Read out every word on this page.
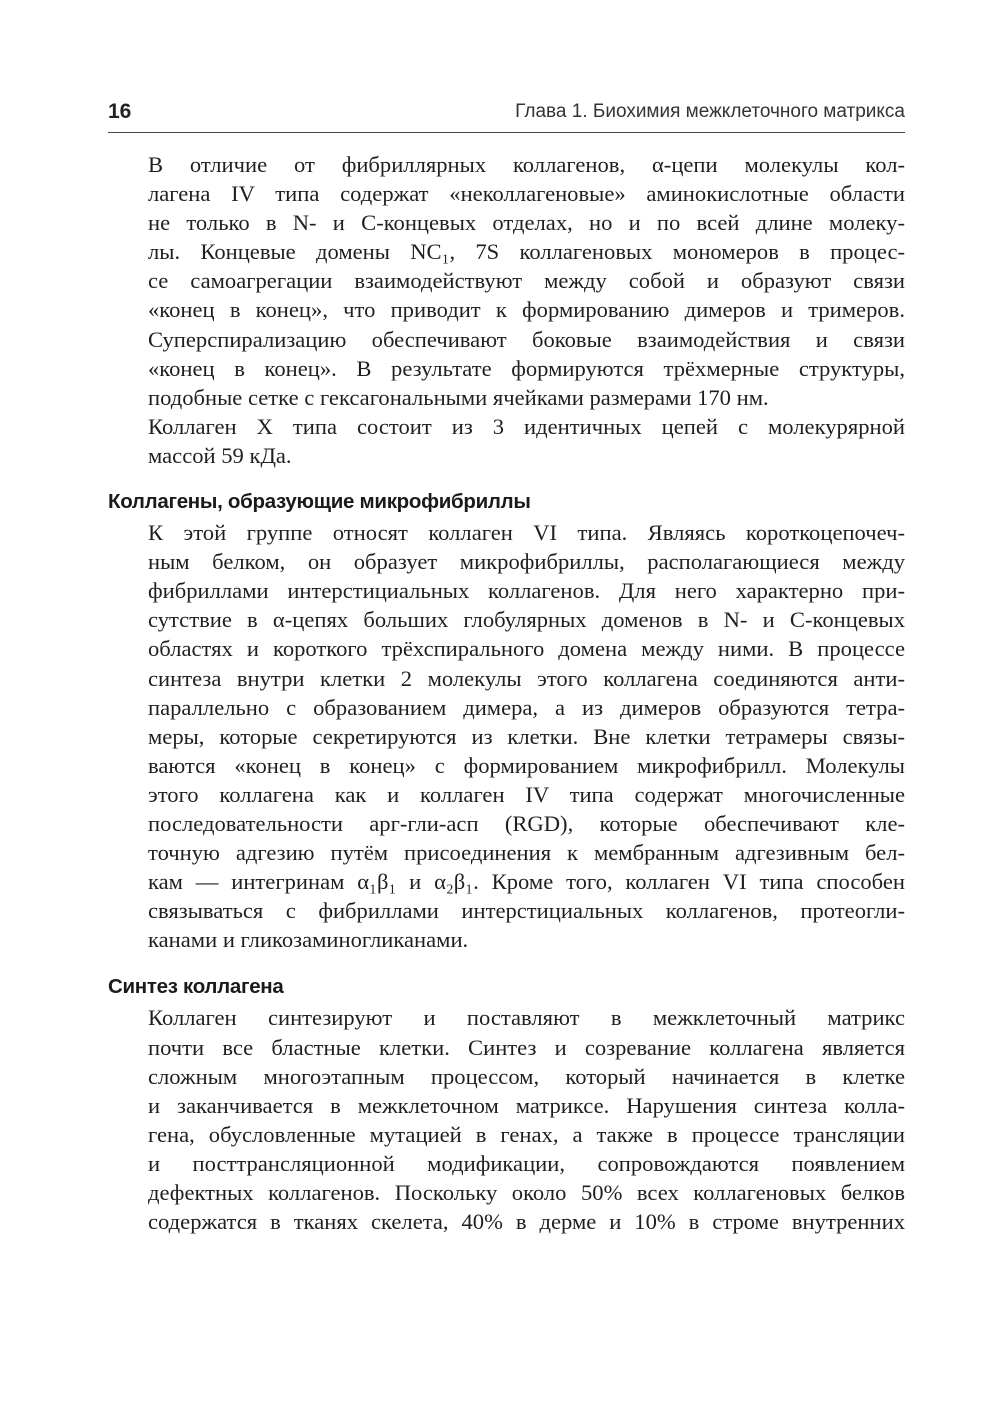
16	Глава 1. Биохимия межклеточного матрикса

В отличие от фибриллярных коллагенов, α-цепи молекулы кол-
лагена IV типа содержат «неколлагеновые» аминокислотные области
не только в N- и С-концевых отделах, но и по всей длине молеку-
лы. Концевые домены NC₁, 7S коллагеновых мономеров в процес-
се самоагрегации взаимодействуют между собой и образуют связи
«конец в конец», что приводит к формированию димеров и тримеров.
Суперспирализацию обеспечивают боковые взаимодействия и связи
«конец в конец». В результате формируются трёхмерные структуры,
подобные сетке с гексагональными ячейками размерами 170 нм.

Коллаген X типа состоит из 3 идентичных цепей с молекурярной
массой 59 кДа.

Коллагены, образующие микрофибриллы

К этой группе относят коллаген VI типа. Являясь короткоцепочеч-
ным белком, он образует микрофибриллы, располагающиеся между
фибриллами интерстициальных коллагенов. Для него характерно при-
сутствие в α-цепях больших глобулярных доменов в N- и С-концевых
областях и короткого трёхспирального домена между ними. В процессе
синтеза внутри клетки 2 молекулы этого коллагена соединяются анти-
параллельно с образованием димера, а из димеров образуются тетра-
меры, которые секретируются из клетки. Вне клетки тетрамеры связы-
ваются «конец в конец» с формированием микрофибрилл. Молекулы
этого коллагена как и коллаген IV типа содержат многочисленные
последовательности арг-гли-асп (RGD), которые обеспечивают кле-
точную адгезию путём присоединения к мембранным адгезивным бел-
кам — интегринам α₁β₁ и α₂β₁. Кроме того, коллаген VI типа способен
связываться с фибриллами интерстициальных коллагенов, протеогли-
канами и гликозаминогликанами.

Синтез коллагена

Коллаген синтезируют и поставляют в межклеточный матрикс
почти все бластные клетки. Синтез и созревание коллагена является
сложным многоэтапным процессом, который начинается в клетке
и заканчивается в межклеточном матриксе. Нарушения синтеза колла-
гена, обусловленные мутацией в генах, а также в процессе трансляции
и посттрансляционной модификации, сопровождаются появлением
дефектных коллагенов. Поскольку около 50% всех коллагеновых белков
содержатся в тканях скелета, 40% в дерме и 10% в строме внутренних
